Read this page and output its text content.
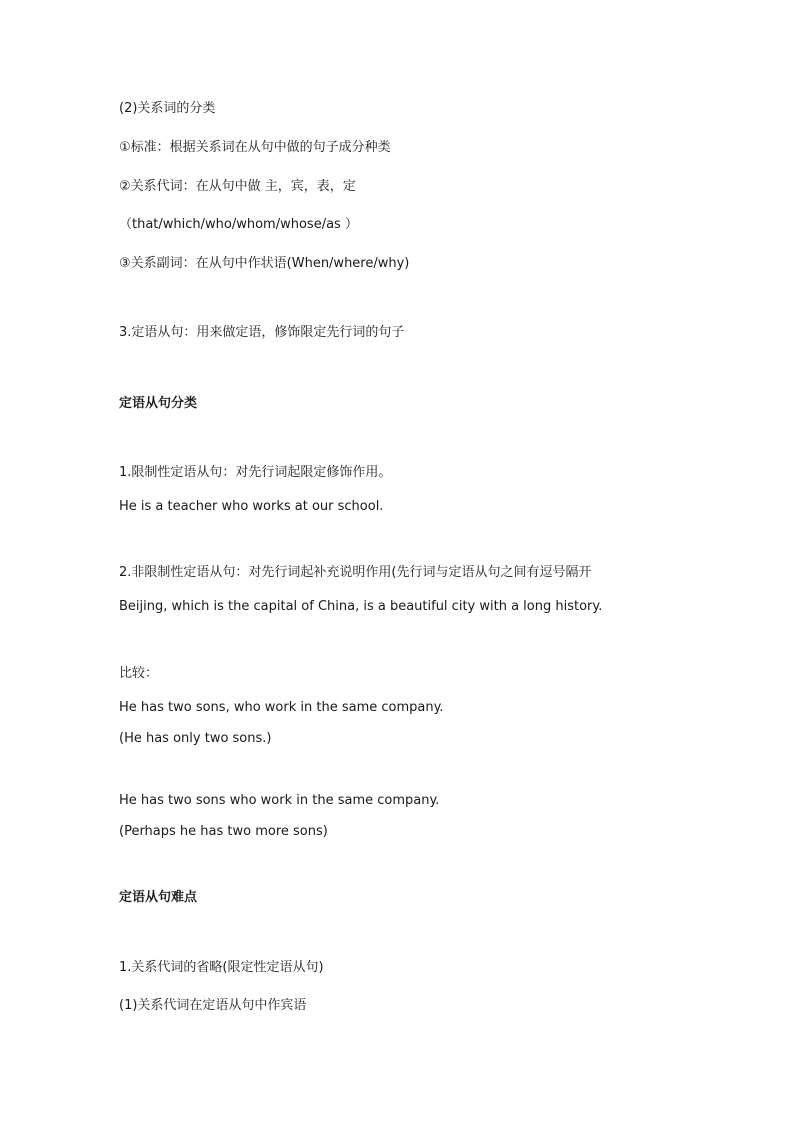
(2)关系词的分类
①标准：根据关系词在从句中做的句子成分种类
②关系代词：在从句中做 主，宾，表，定
（that/which/who/whom/whose/as ）
③关系副词：在从句中作状语(When/where/why)
3.定语从句：用来做定语，修饰限定先行词的句子
定语从句分类
1.限制性定语从句：对先行词起限定修饰作用。
He is a teacher who works at our school.
2.非限制性定语从句：对先行词起补充说明作用(先行词与定语从句之间有逗号隔开
Beijing, which is the capital of China, is a beautiful city with a long history.
比较：
He has two sons, who work in the same company.
(He has only two sons.)
He has two sons who work in the same company.
(Perhaps he has two more sons)
定语从句难点
1.关系代词的省略(限定性定语从句)
(1)关系代词在定语从句中作宾语
